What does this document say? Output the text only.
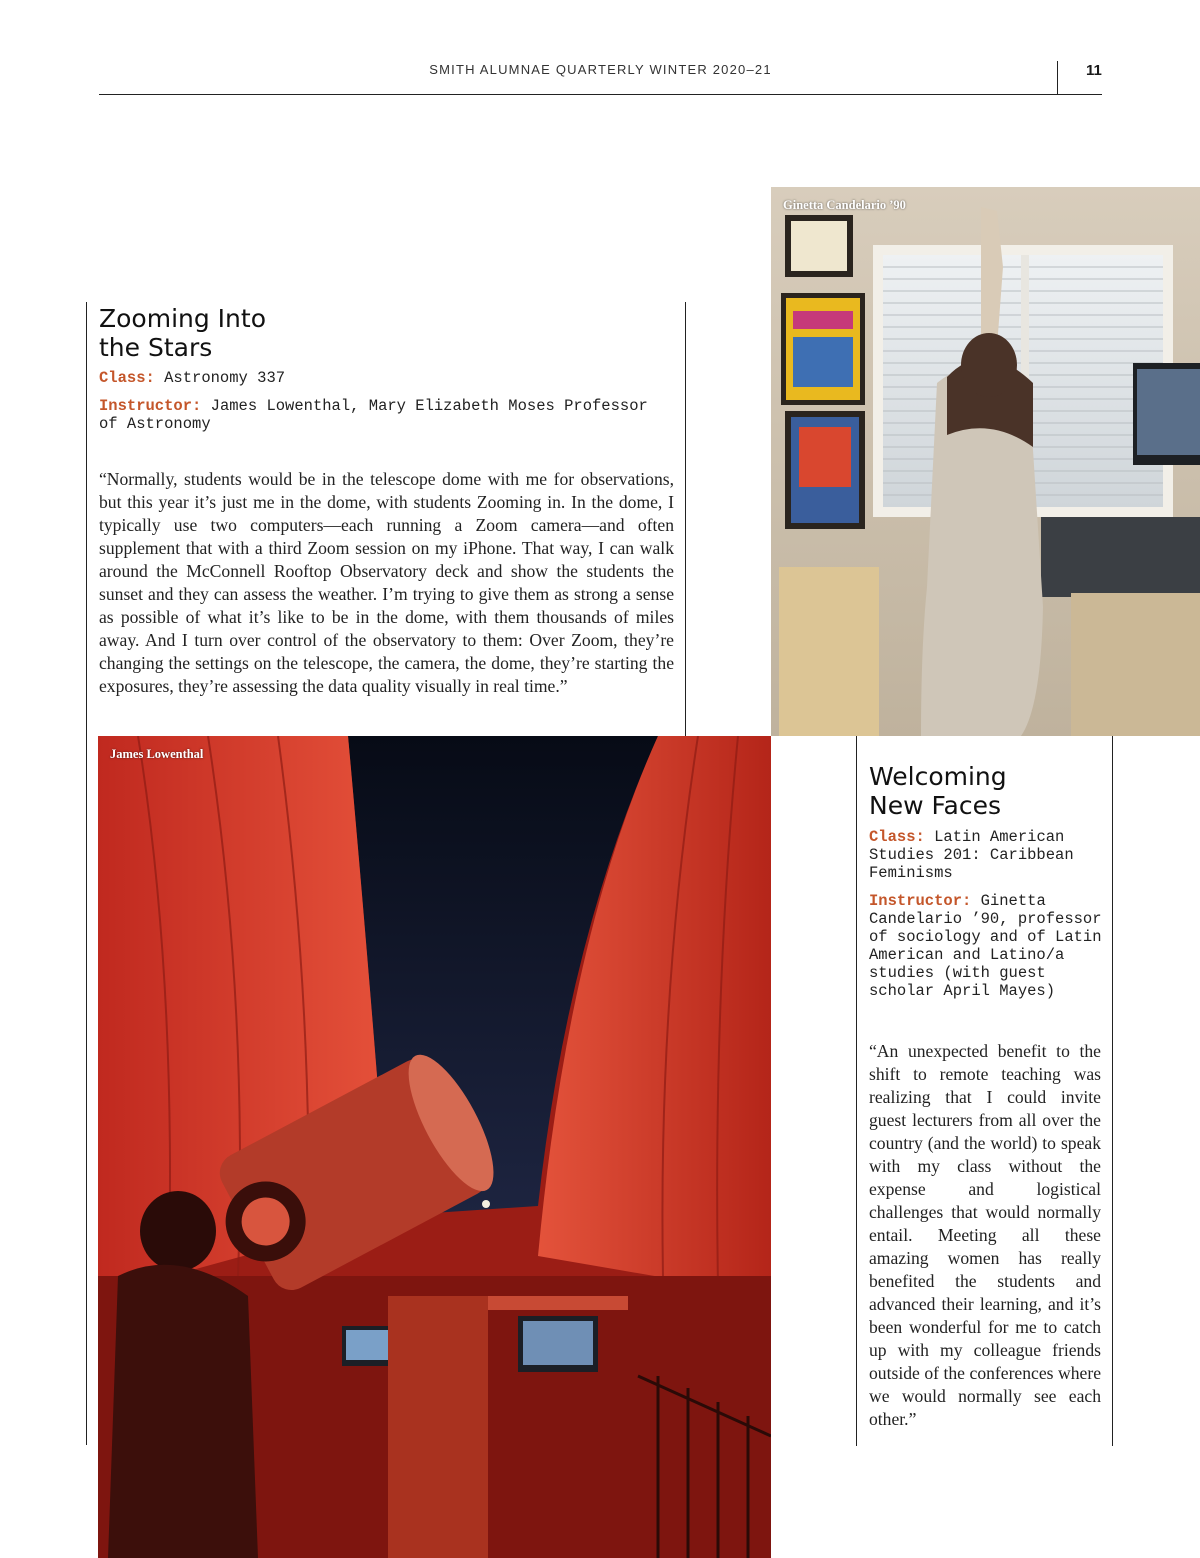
SMITH ALUMNAE QUARTERLY WINTER 2020–21	11
Zooming Into
the Stars

Class: Astronomy 337

Instructor: James Lowenthal, Mary Elizabeth Moses Professor of Astronomy

“Normally, students would be in the telescope dome with me for observations, but this year it’s just me in the dome, with students Zooming in. In the dome, I typically use two computers—each running a Zoom camera—and often supplement that with a third Zoom session on my iPhone. That way, I can walk around the McConnell Rooftop Observatory deck and show the students the sunset and they can assess the weather. I’m trying to give them as strong a sense as possible of what it’s like to be in the dome, with them thousands of miles away. And I turn over control of the observatory to them: Over Zoom, they’re changing the settings on the telescope, the camera, the dome, they’re starting the exposures, they’re assessing the data quality visually in real time.”

Ginetta Candelario ’90
James Lowenthal
Welcoming
New Faces

Class: Latin American Studies 201: Caribbean Feminisms

Instructor: Ginetta Candelario ’90, professor of sociology and of Latin American and Latino/a studies (with guest scholar April Mayes)

“An unexpected benefit to the shift to remote teaching was realizing that I could invite guest lecturers from all over the country (and the world) to speak with my class without the expense and logistical challenges that would normally entail. Meeting all these amazing women has really benefited the students and advanced their learning, and it’s been wonderful for me to catch up with my colleague friends outside of the conferences where we would normally see each other.”
